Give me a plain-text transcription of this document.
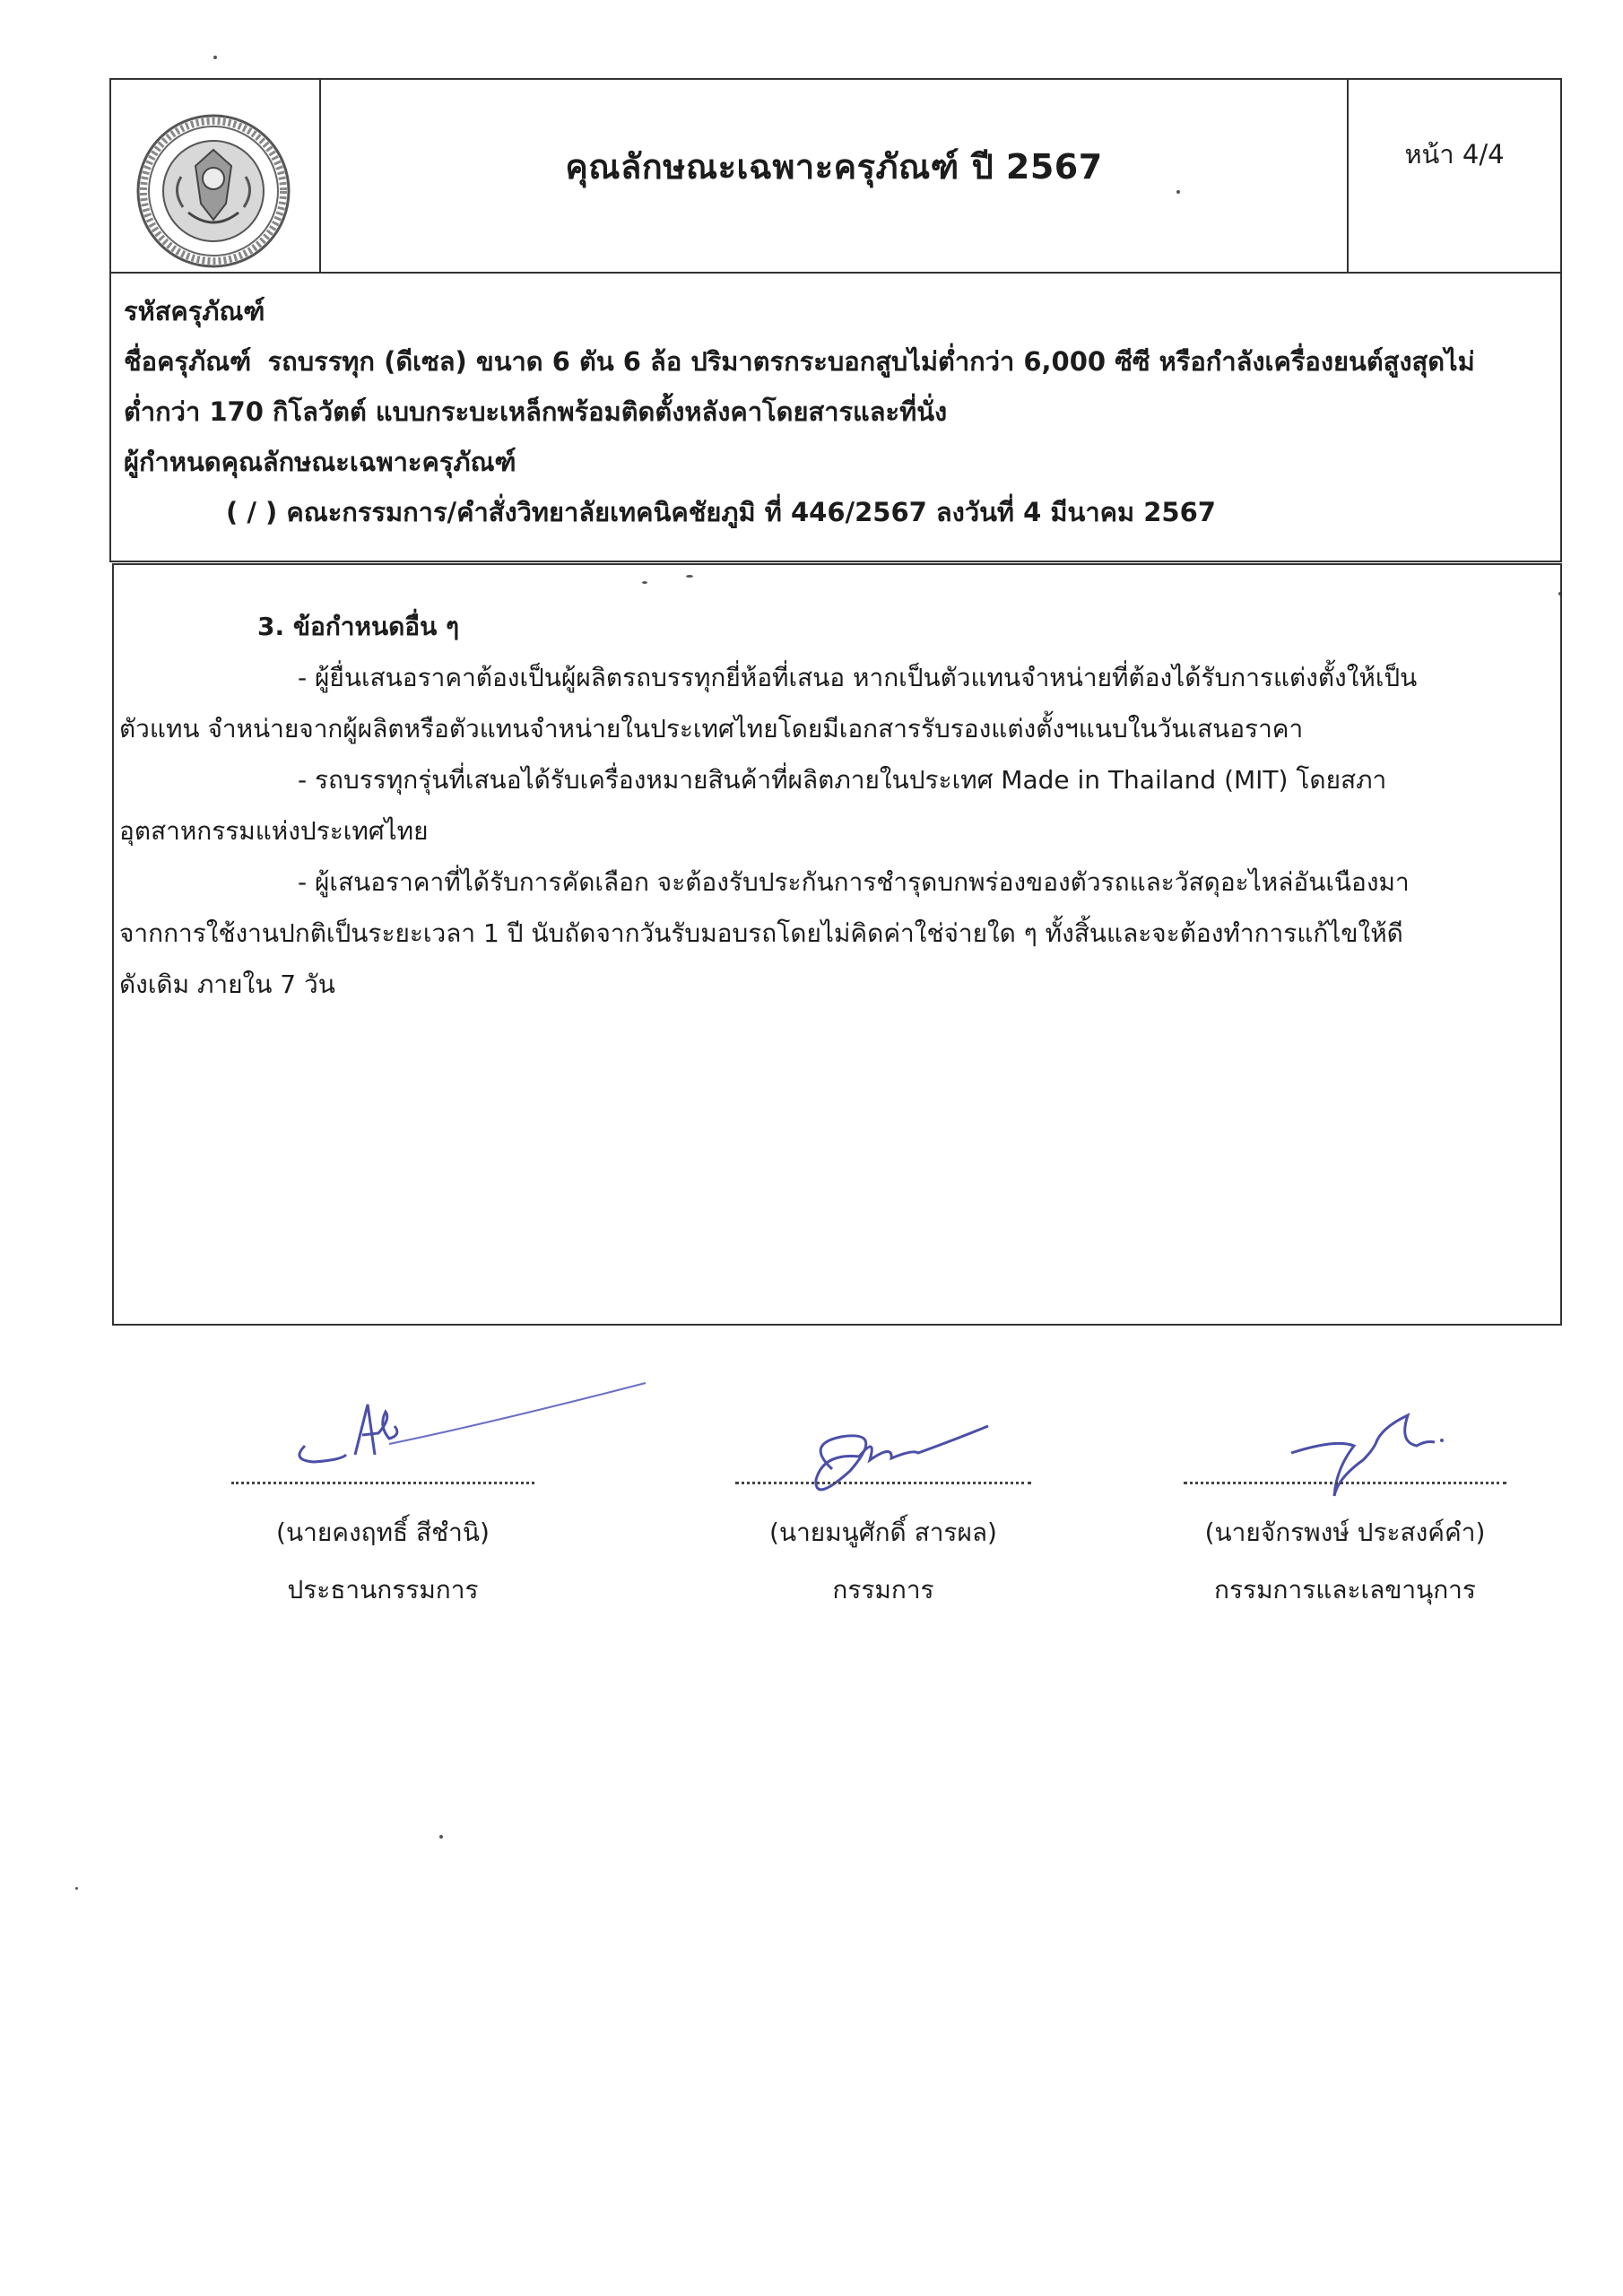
คุณลักษณะเฉพาะครุภัณฑ์ ปี 2567	หน้า 4/4
รหัสครุภัณฑ์
ชื่อครุภัณฑ์ รถบรรทุก (ดีเซล) ขนาด 6 ตัน 6 ล้อ ปริมาตรกระบอกสูบไม่ต่ำกว่า 6,000 ซีซี หรือกำลังเครื่องยนต์สูงสุดไม่
ต่ำกว่า 170 กิโลวัตต์ แบบกระบะเหล็กพร้อมติดตั้งหลังคาโดยสารและที่นั่ง
ผู้กำหนดคุณลักษณะเฉพาะครุภัณฑ์
( / ) คณะกรรมการ/คำสั่งวิทยาลัยเทคนิคชัยภูมิ ที่ 446/2567 ลงวันที่ 4 มีนาคม 2567
3. ข้อกำหนดอื่น ๆ
- ผู้ยื่นเสนอราคาต้องเป็นผู้ผลิตรถบรรทุกยี่ห้อที่เสนอ หากเป็นตัวแทนจำหน่ายที่ต้องได้รับการแต่งตั้งให้เป็น
ตัวแทน จำหน่ายจากผู้ผลิตหรือตัวแทนจำหน่ายในประเทศไทยโดยมีเอกสารรับรองแต่งตั้งฯแนบในวันเสนอราคา
- รถบรรทุกรุ่นที่เสนอได้รับเครื่องหมายสินค้าที่ผลิตภายในประเทศ Made in Thailand (MIT) โดยสภา
อุตสาหกรรมแห่งประเทศไทย
- ผู้เสนอราคาที่ได้รับการคัดเลือก จะต้องรับประกันการชำรุดบกพร่องของตัวรถและวัสดุอะไหล่อันเนืองมา
จากการใช้งานปกติเป็นระยะเวลา 1 ปี นับถัดจากวันรับมอบรถโดยไม่คิดค่าใช่จ่ายใด ๆ ทั้งสิ้นและจะต้องทำการแก้ไขให้ดี
ดังเดิม ภายใน 7 วัน
(นายคงฤทธิ์ สีชำนิ)
ประธานกรรมการ
(นายมนูศักดิ์ สารผล)
กรรมการ
(นายจักรพงษ์ ประสงค์คำ)
กรรมการและเลขานุการ
